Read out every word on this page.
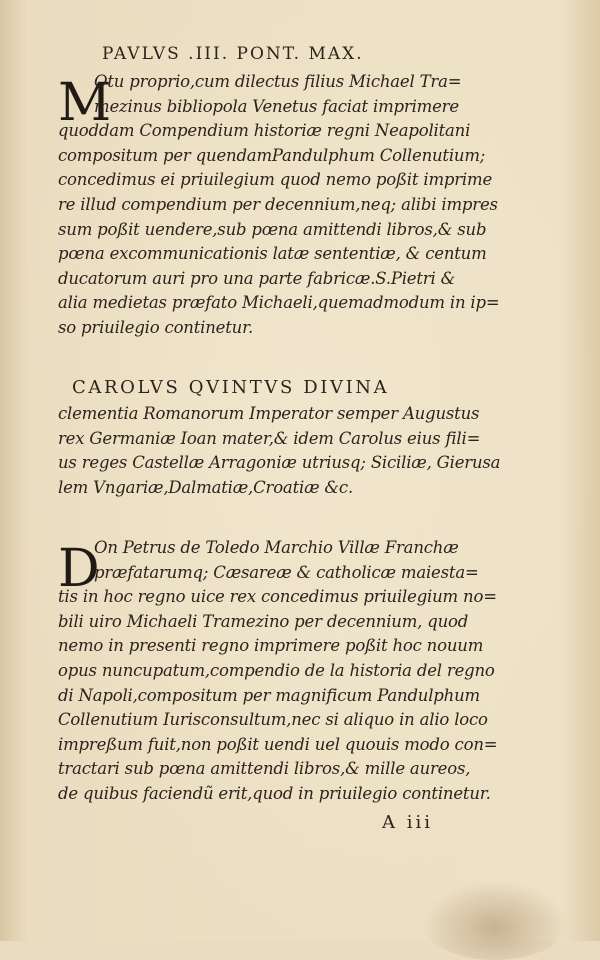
PAVLVS .III. PONT. MAX.
M
Otu proprio,cum dilectus filius Michael Tra=
mezinus bibliopola Venetus faciat imprimere
quoddam Compendium historiæ regni Neapolitani
compositum per quendamPandulphum Collenutium;
concedimus ei priuilegium quod nemo poßit imprime
re illud compendium per decennium,neq; alibi impres
sum poßit uendere,sub pœna amittendi libros,& sub
pœna excommunicationis latæ sententiæ, & centum
ducatorum auri pro una parte fabricæ.S.Pietri &
alia medietas præfato Michaeli,quemadmodum in ip=
so priuilegio continetur.
CAROLVS QVINTVS DIVINA
clementia Romanorum Imperator semper Augustus
rex Germaniæ Ioan mater,& idem Carolus eius fili=
us reges Castellæ Arragoniæ utriusq; Siciliæ, Gierusa
lem Vngariæ,Dalmatiæ,Croatiæ &c.
D
On Petrus de Toledo Marchio Villæ Franchæ
præfatarumq; Cæsareæ & catholicæ maiesta=
tis in hoc regno uice rex concedimus priuilegium no=
bili uiro Michaeli Tramezino per decennium, quod
nemo in presenti regno imprimere poßit hoc nouum
opus nuncupatum,compendio de la historia del regno
di Napoli,compositum per magnificum Pandulphum
Collenutium Iurisconsultum,nec si aliquo in alio loco
impreßum fuit,non poßit uendi uel quouis modo con=
tractari sub pœna amittendi libros,& mille aureos,
de quibus faciendũ erit,quod in priuilegio continetur.
A iii
